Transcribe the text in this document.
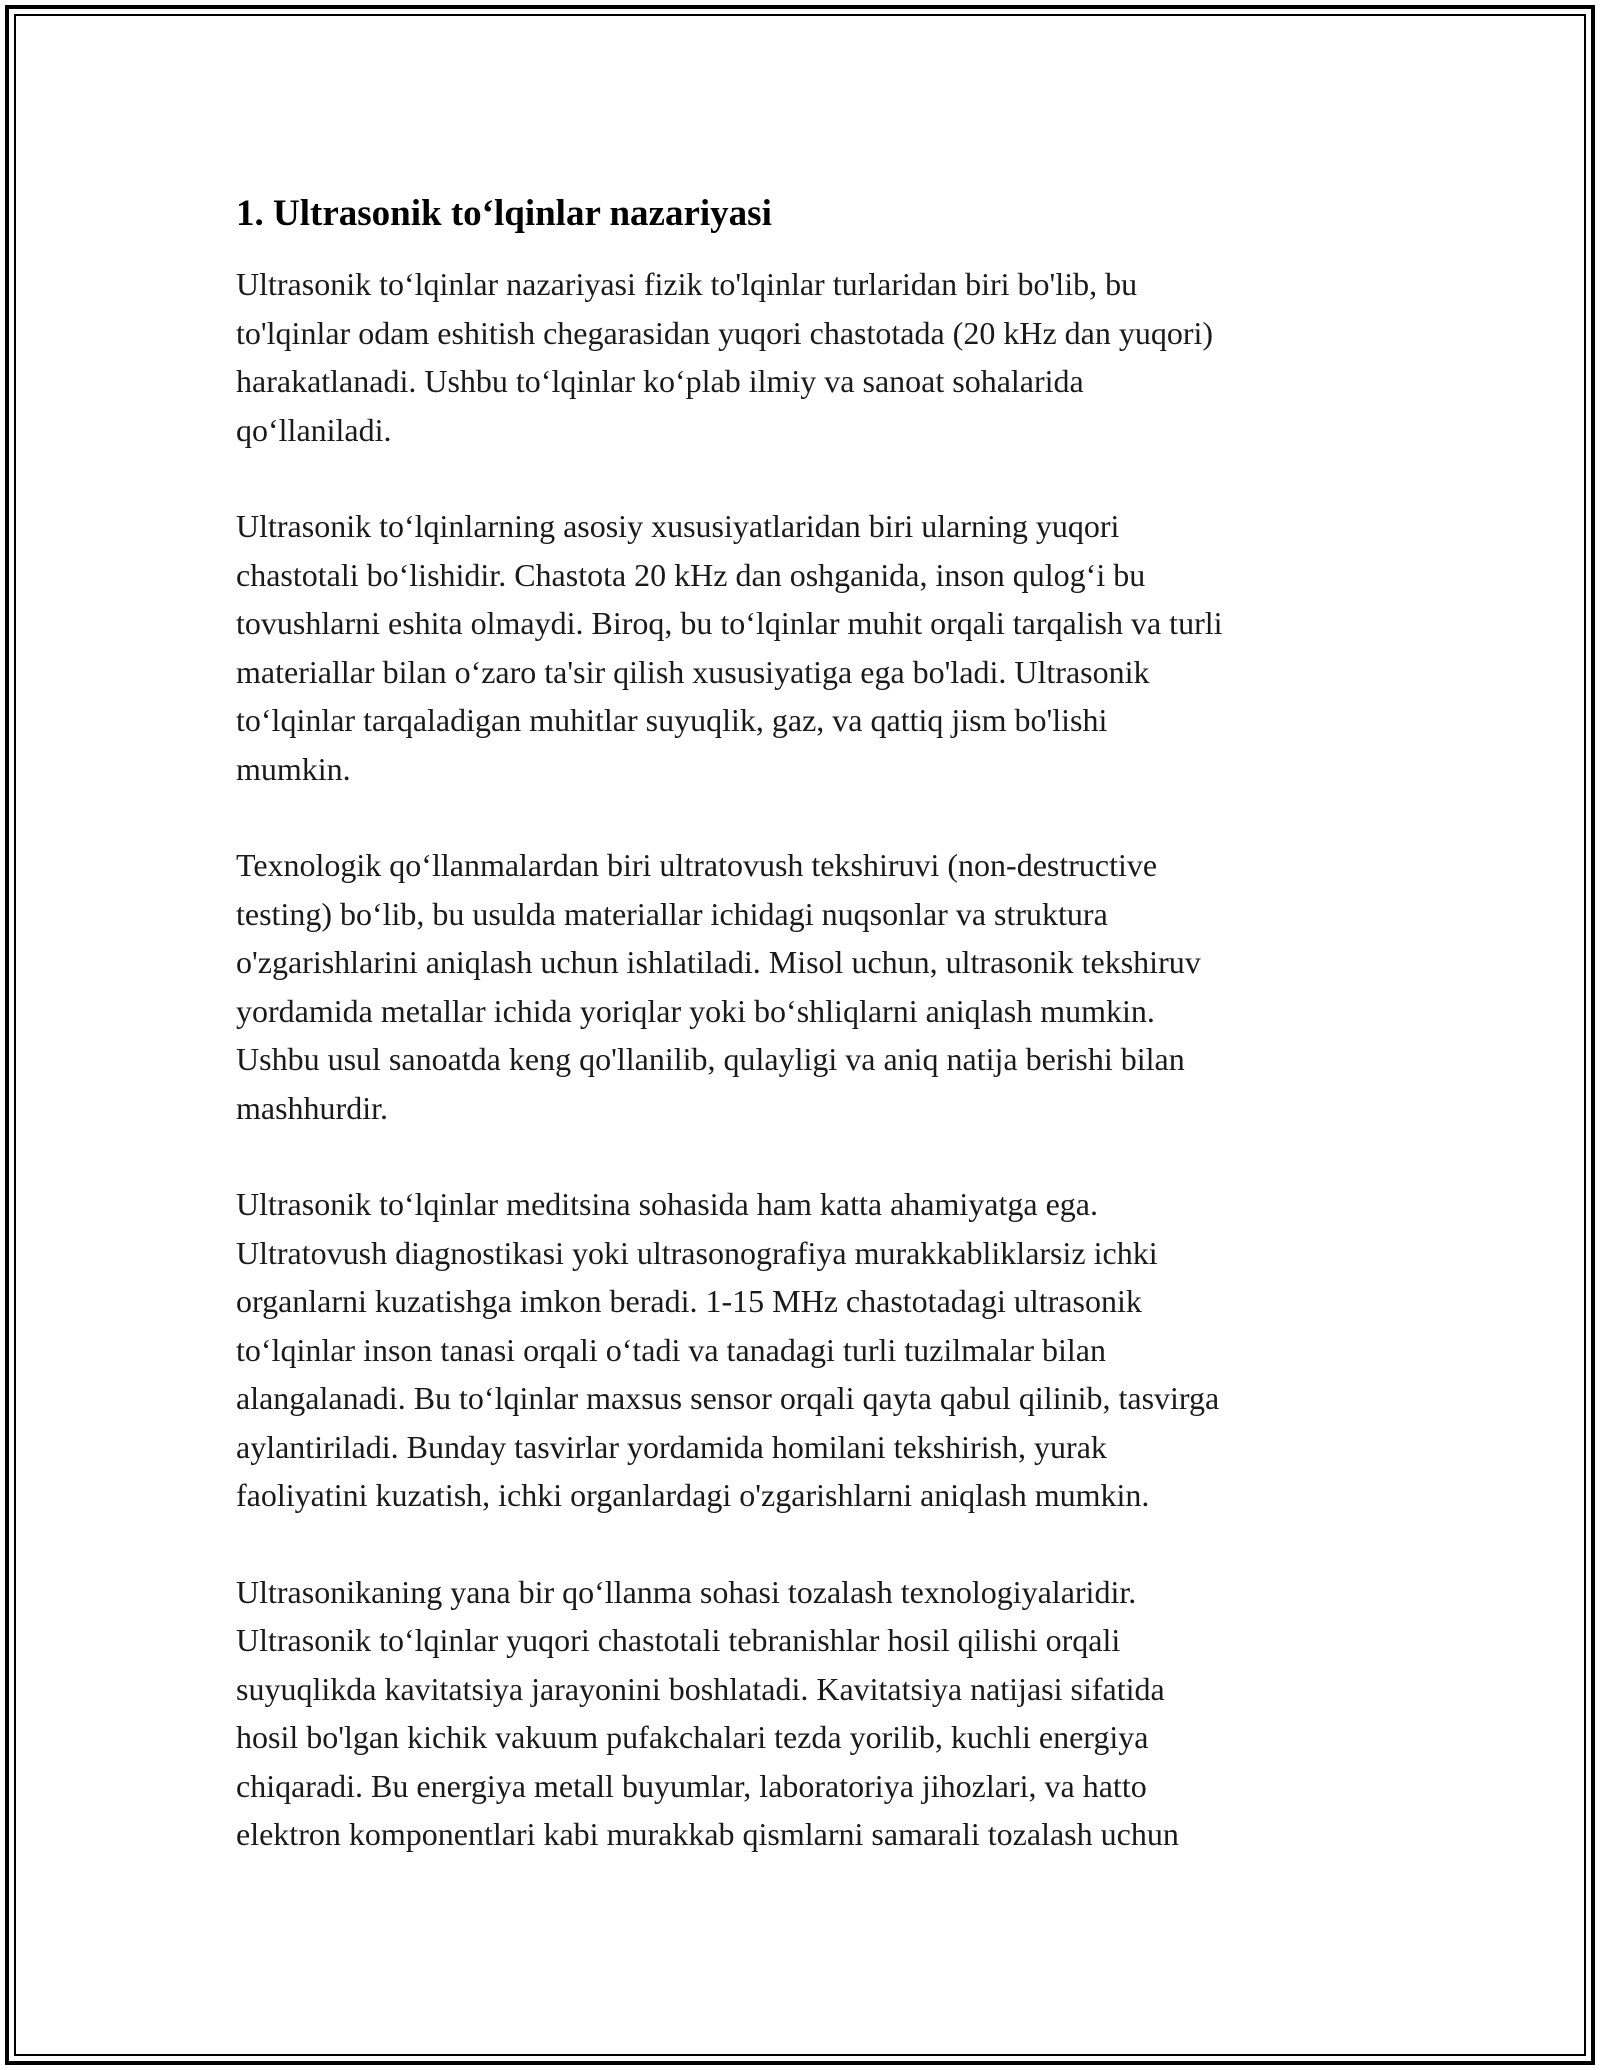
1. Ultrasonik to‘lqinlar nazariyasi

Ultrasonik to‘lqinlar nazariyasi fizik to'lqinlar turlaridan biri bo'lib, bu
to'lqinlar odam eshitish chegarasidan yuqori chastotada (20 kHz dan yuqori)
harakatlanadi. Ushbu to‘lqinlar ko‘plab ilmiy va sanoat sohalarida
qo‘llaniladi.

Ultrasonik to‘lqinlarning asosiy xususiyatlaridan biri ularning yuqori
chastotali bo‘lishidir. Chastota 20 kHz dan oshganida, inson qulog‘i bu
tovushlarni eshita olmaydi. Biroq, bu to‘lqinlar muhit orqali tarqalish va turli
materiallar bilan o‘zaro ta'sir qilish xususiyatiga ega bo'ladi. Ultrasonik
to‘lqinlar tarqaladigan muhitlar suyuqlik, gaz, va qattiq jism bo'lishi
mumkin.

Texnologik qo‘llanmalardan biri ultratovush tekshiruvi (non-destructive
testing) bo‘lib, bu usulda materiallar ichidagi nuqsonlar va struktura
o'zgarishlarini aniqlash uchun ishlatiladi. Misol uchun, ultrasonik tekshiruv
yordamida metallar ichida yoriqlar yoki bo‘shliqlarni aniqlash mumkin.
Ushbu usul sanoatda keng qo'llanilib, qulayligi va aniq natija berishi bilan
mashhurdir.

Ultrasonik to‘lqinlar meditsina sohasida ham katta ahamiyatga ega.
Ultratovush diagnostikasi yoki ultrasonografiya murakkabliklarsiz ichki
organlarni kuzatishga imkon beradi. 1-15 MHz chastotadagi ultrasonik
to‘lqinlar inson tanasi orqali o‘tadi va tanadagi turli tuzilmalar bilan
alangalanadi. Bu to‘lqinlar maxsus sensor orqali qayta qabul qilinib, tasvirga
aylantiriladi. Bunday tasvirlar yordamida homilani tekshirish, yurak
faoliyatini kuzatish, ichki organlardagi o'zgarishlarni aniqlash mumkin.

Ultrasonikaning yana bir qo‘llanma sohasi tozalash texnologiyalaridir.
Ultrasonik to‘lqinlar yuqori chastotali tebranishlar hosil qilishi orqali
suyuqlikda kavitatsiya jarayonini boshlatadi. Kavitatsiya natijasi sifatida
hosil bo'lgan kichik vakuum pufakchalari tezda yorilib, kuchli energiya
chiqaradi. Bu energiya metall buyumlar, laboratoriya jihozlari, va hatto
elektron komponentlari kabi murakkab qismlarni samarali tozalash uchun
